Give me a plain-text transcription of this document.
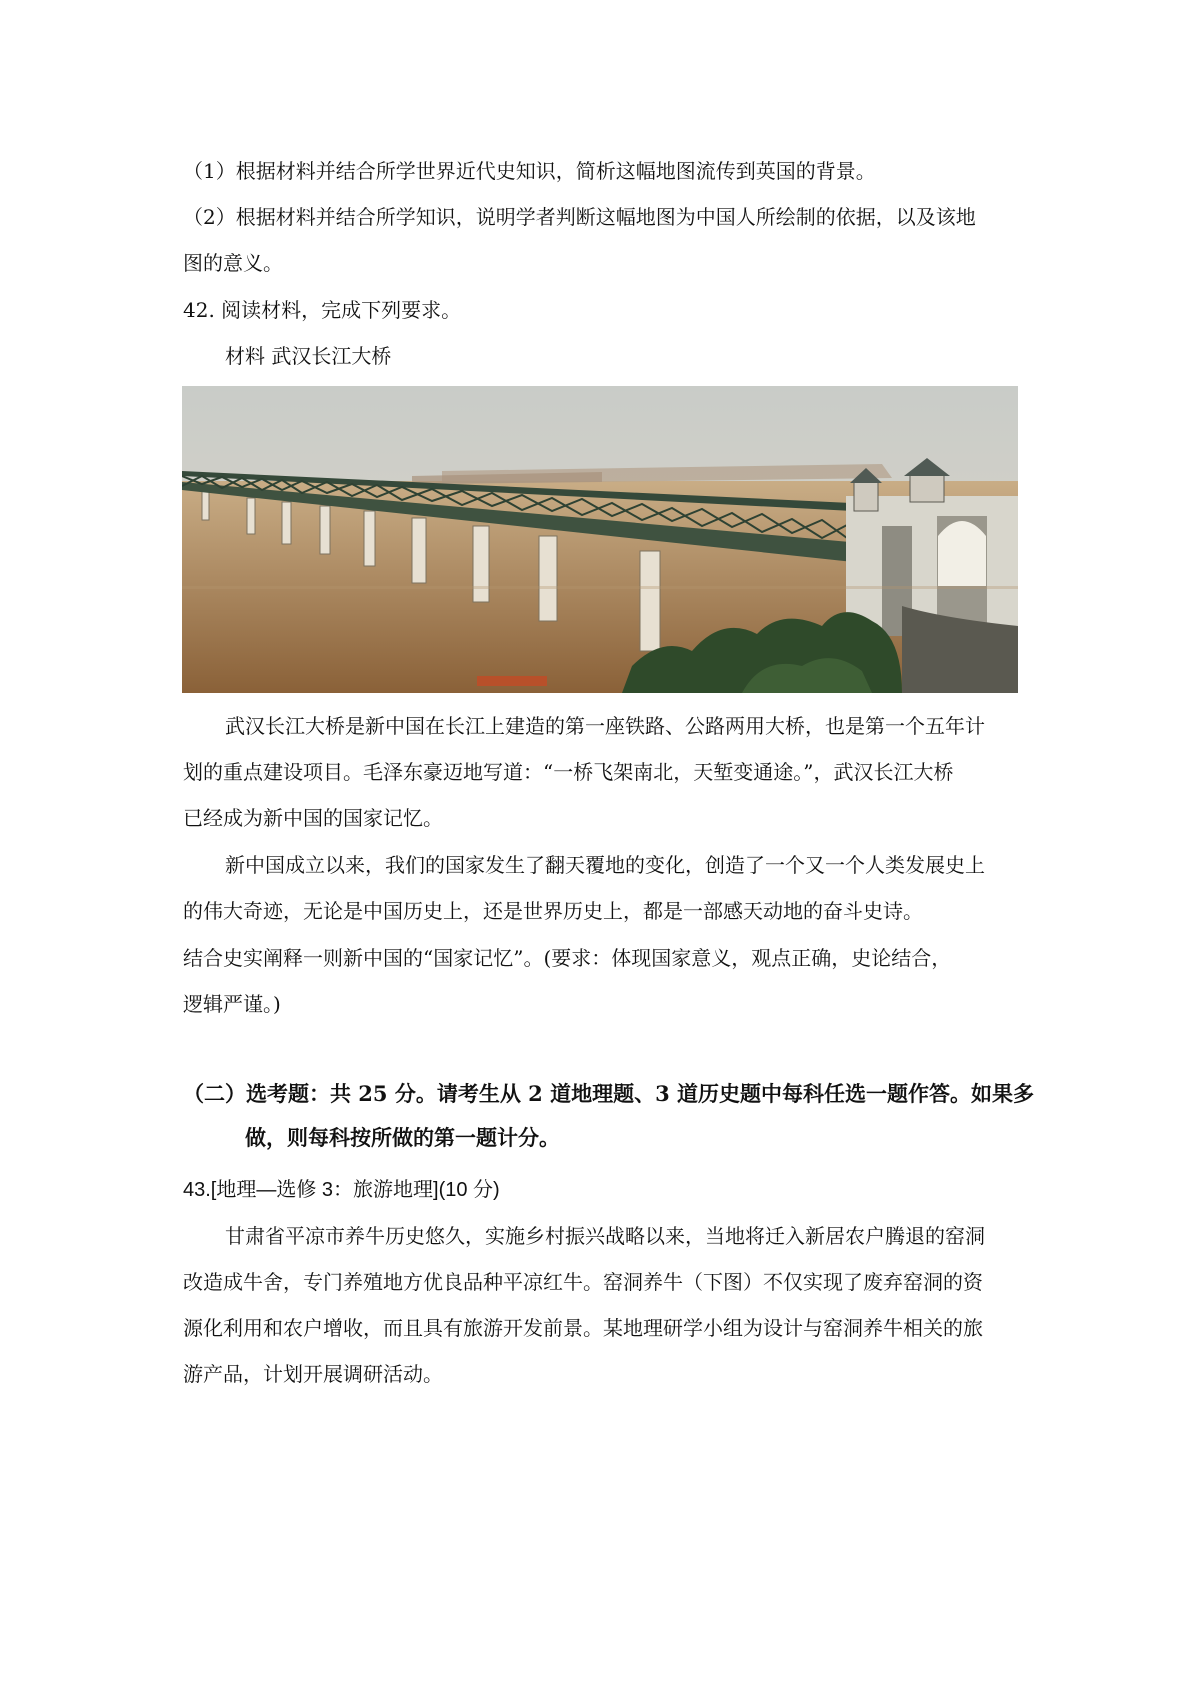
（1）根据材料并结合所学世界近代史知识，简析这幅地图流传到英国的背景。
（2）根据材料并结合所学知识，说明学者判断这幅地图为中国人所绘制的依据，以及该地
图的意义。
42. 阅读材料，完成下列要求。
材料 武汉长江大桥
武汉长江大桥是新中国在长江上建造的第一座铁路、公路两用大桥，也是第一个五年计
划的重点建设项目。毛泽东豪迈地写道：“一桥飞架南北，天堑变通途。”，武汉长江大桥
已经成为新中国的国家记忆。
新中国成立以来，我们的国家发生了翻天覆地的变化，创造了一个又一个人类发展史上
的伟大奇迹，无论是中国历史上，还是世界历史上，都是一部感天动地的奋斗史诗。
结合史实阐释一则新中国的“国家记忆”。(要求：体现国家意义，观点正确，史论结合，
逻辑严谨。)
（二）选考题：共 25 分。请考生从 2 道地理题、3 道历史题中每科任选一题作答。如果多
做，则每科按所做的第一题计分。
43.[地理—选修 3：旅游地理](10 分)
甘肃省平凉市养牛历史悠久，实施乡村振兴战略以来，当地将迁入新居农户腾退的窑洞
改造成牛舍，专门养殖地方优良品种平凉红牛。窑洞养牛（下图）不仅实现了废弃窑洞的资
源化利用和农户增收，而且具有旅游开发前景。某地理研学小组为设计与窑洞养牛相关的旅
游产品，计划开展调研活动。
